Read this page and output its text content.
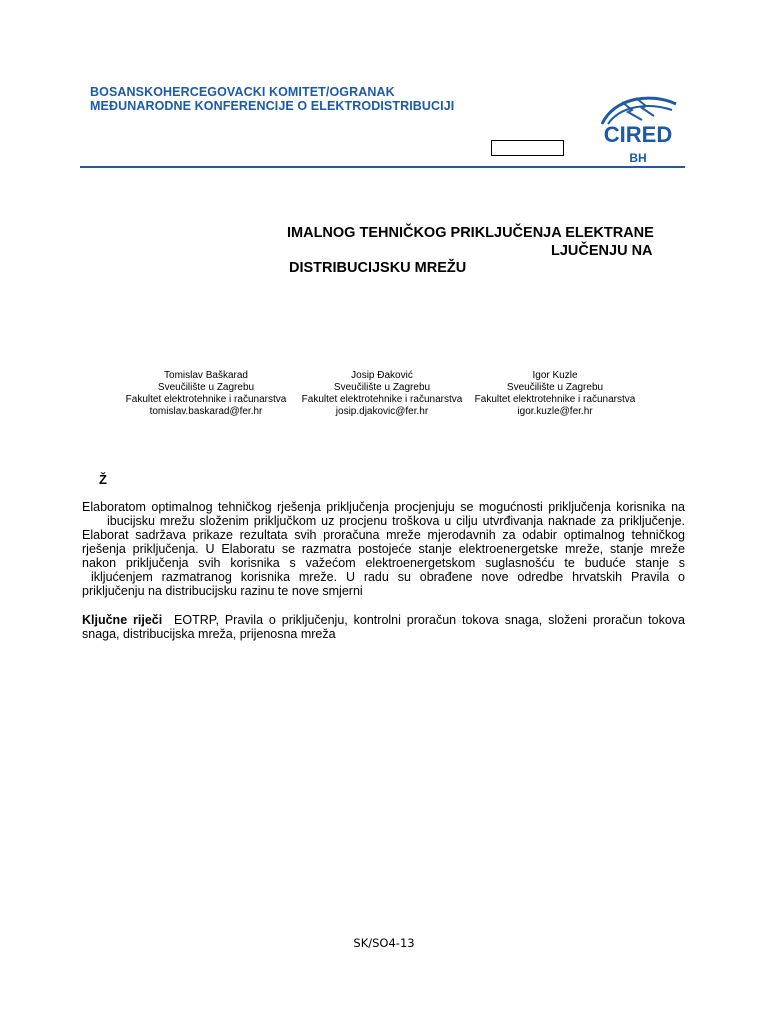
BOSANSKOHERCEGOVACKI KOMITET/OGRANAK
MEĐUNARODNE KONFERENCIJE O ELEKTRODISTRIBUCIJI
CIRED
BH
IMALNOG TEHNIČKOG PRIKLJUČENJA ELEKTRANE
LJUČENJU NA
DISTRIBUCIJSKU MREŽU
Tomislav Baškarad
Sveučilište u Zagrebu
Fakultet elektrotehnike i računarstva
tomislav.baskarad@fer.hr
Josip Đaković
Sveučilište u Zagrebu
Fakultet elektrotehnike i računarstva
josip.djakovic@fer.hr
Igor Kuzle
Sveučilište u Zagrebu
Fakultet elektrotehnike i računarstva
igor.kuzle@fer.hr
Ž
Elaboratom optimalnog tehničkog rješenja priključenja procjenjuju se mogućnosti priključenja korisnika na
ibucijsku mrežu složenim priključkom uz procjenu troškova u cilju utvrđivanja naknade za priključenje.
Elaborat sadržava prikaze rezultata svih proračuna mreže mjerodavnih za odabir optimalnog tehničkog
rješenja priključenja. U Elaboratu se razmatra postojeće stanje elektroenergetske mreže, stanje mreže
nakon priključenja svih korisnika s važećom elektroenergetskom suglasnošću te buduće stanje s
ikljućenjem razmatranog korisnika mreže. U radu su obrađene nove odredbe hrvatskih Pravila o
priključenju na distribucijsku razinu te nove smjerni
Ključne riječi EOTRP, Pravila o priključenju, kontrolni proračun tokova snaga, složeni proračun tokova
snaga, distribucijska mreža, prijenosna mreža
SK/SO4-13
